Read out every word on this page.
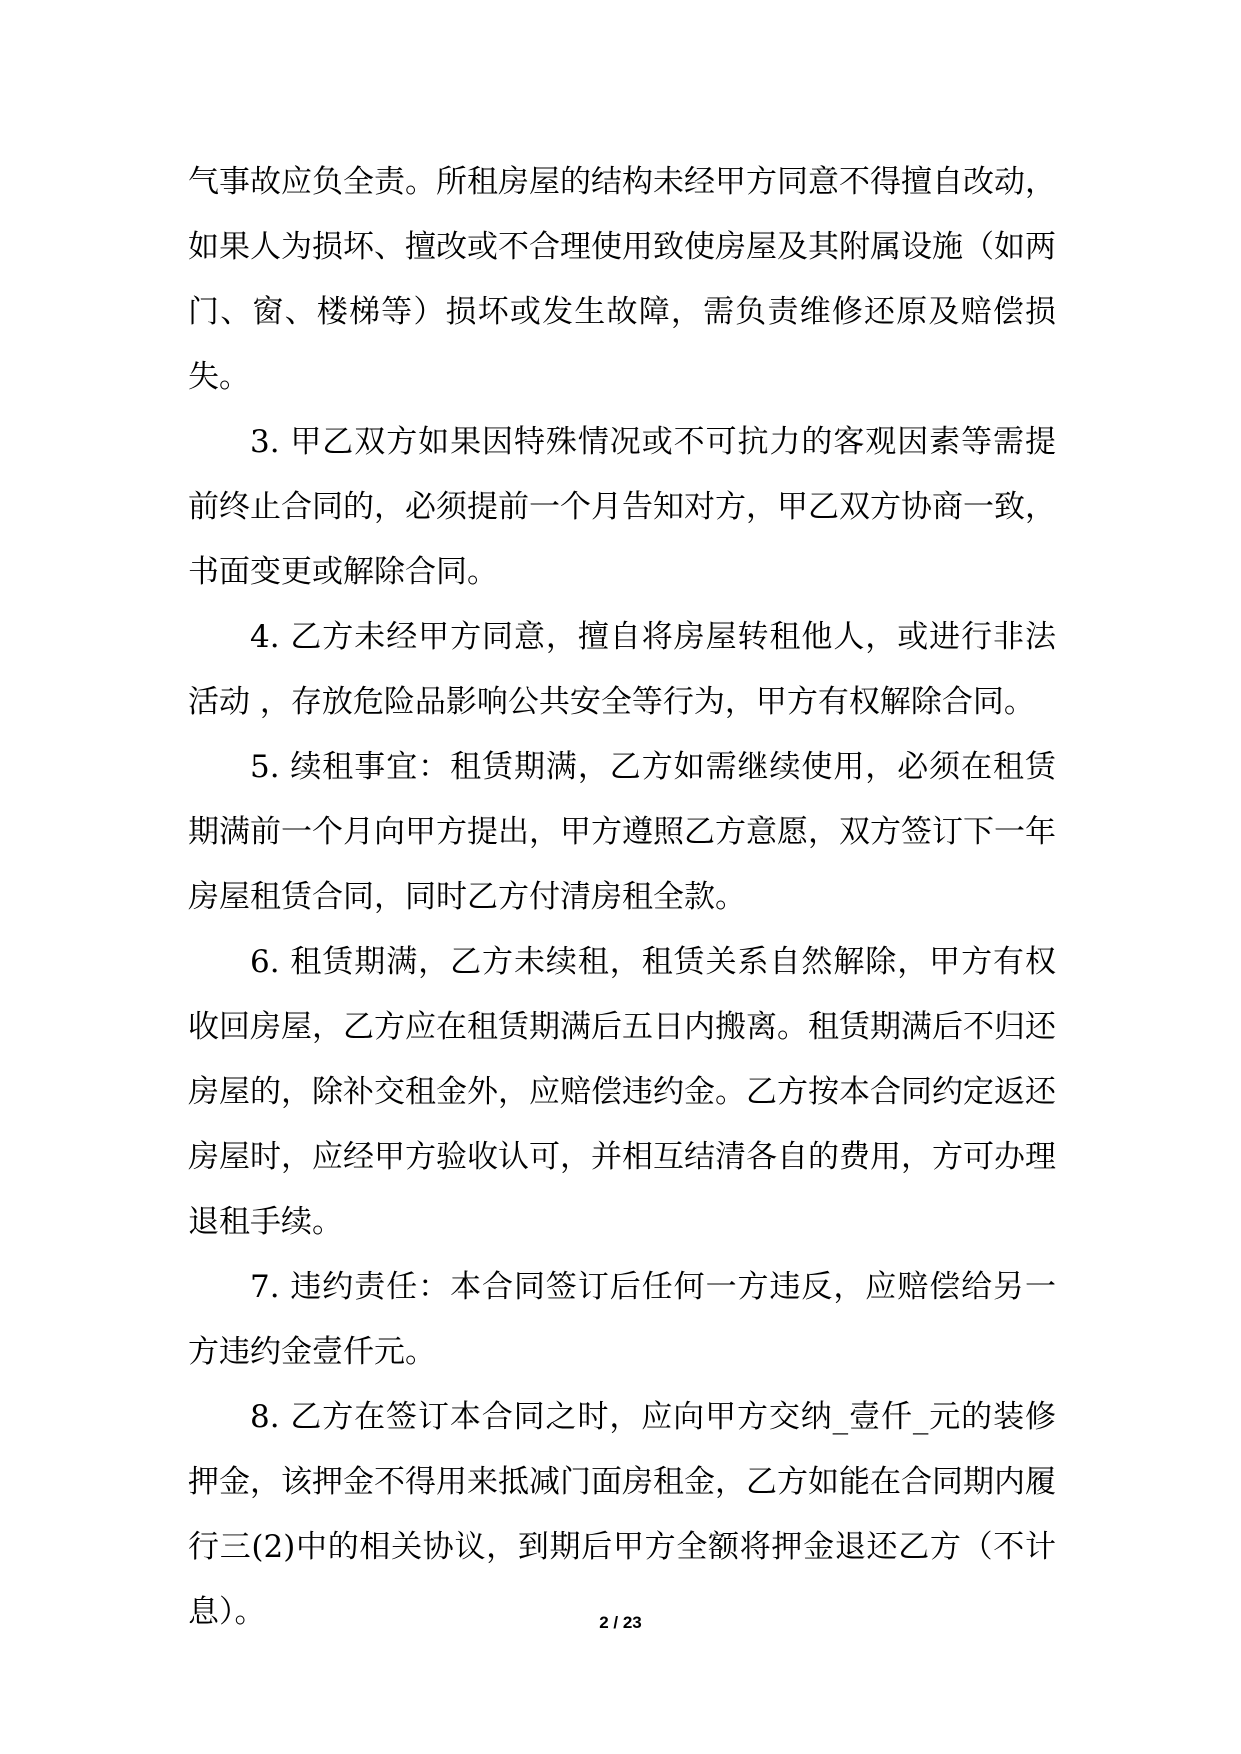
气事故应负全责。所租房屋的结构未经甲方同意不得擅自改动，如果人为损坏、擅改或不合理使用致使房屋及其附属设施（如两门、窗、楼梯等）损坏或发生故障，需负责维修还原及赔偿损失。

3. 甲乙双方如果因特殊情况或不可抗力的客观因素等需提前终止合同的，必须提前一个月告知对方，甲乙双方协商一致，书面变更或解除合同。

4. 乙方未经甲方同意，擅自将房屋转租他人，或进行非法活动 ，存放危险品影响公共安全等行为，甲方有权解除合同。

5. 续租事宜：租赁期满，乙方如需继续使用，必须在租赁期满前一个月向甲方提出，甲方遵照乙方意愿，双方签订下一年房屋租赁合同，同时乙方付清房租全款。

6. 租赁期满，乙方未续租，租赁关系自然解除，甲方有权收回房屋，乙方应在租赁期满后五日内搬离。租赁期满后不归还房屋的，除补交租金外，应赔偿违约金。乙方按本合同约定返还房屋时，应经甲方验收认可，并相互结清各自的费用，方可办理退租手续。

7. 违约责任：本合同签订后任何一方违反，应赔偿给另一方违约金壹仟元。

8. 乙方在签订本合同之时，应向甲方交纳_壹仟_元的装修押金，该押金不得用来抵减门面房租金，乙方如能在合同期内履行三(2)中的相关协议，到期后甲方全额将押金退还乙方（不计息）。	2 / 23
